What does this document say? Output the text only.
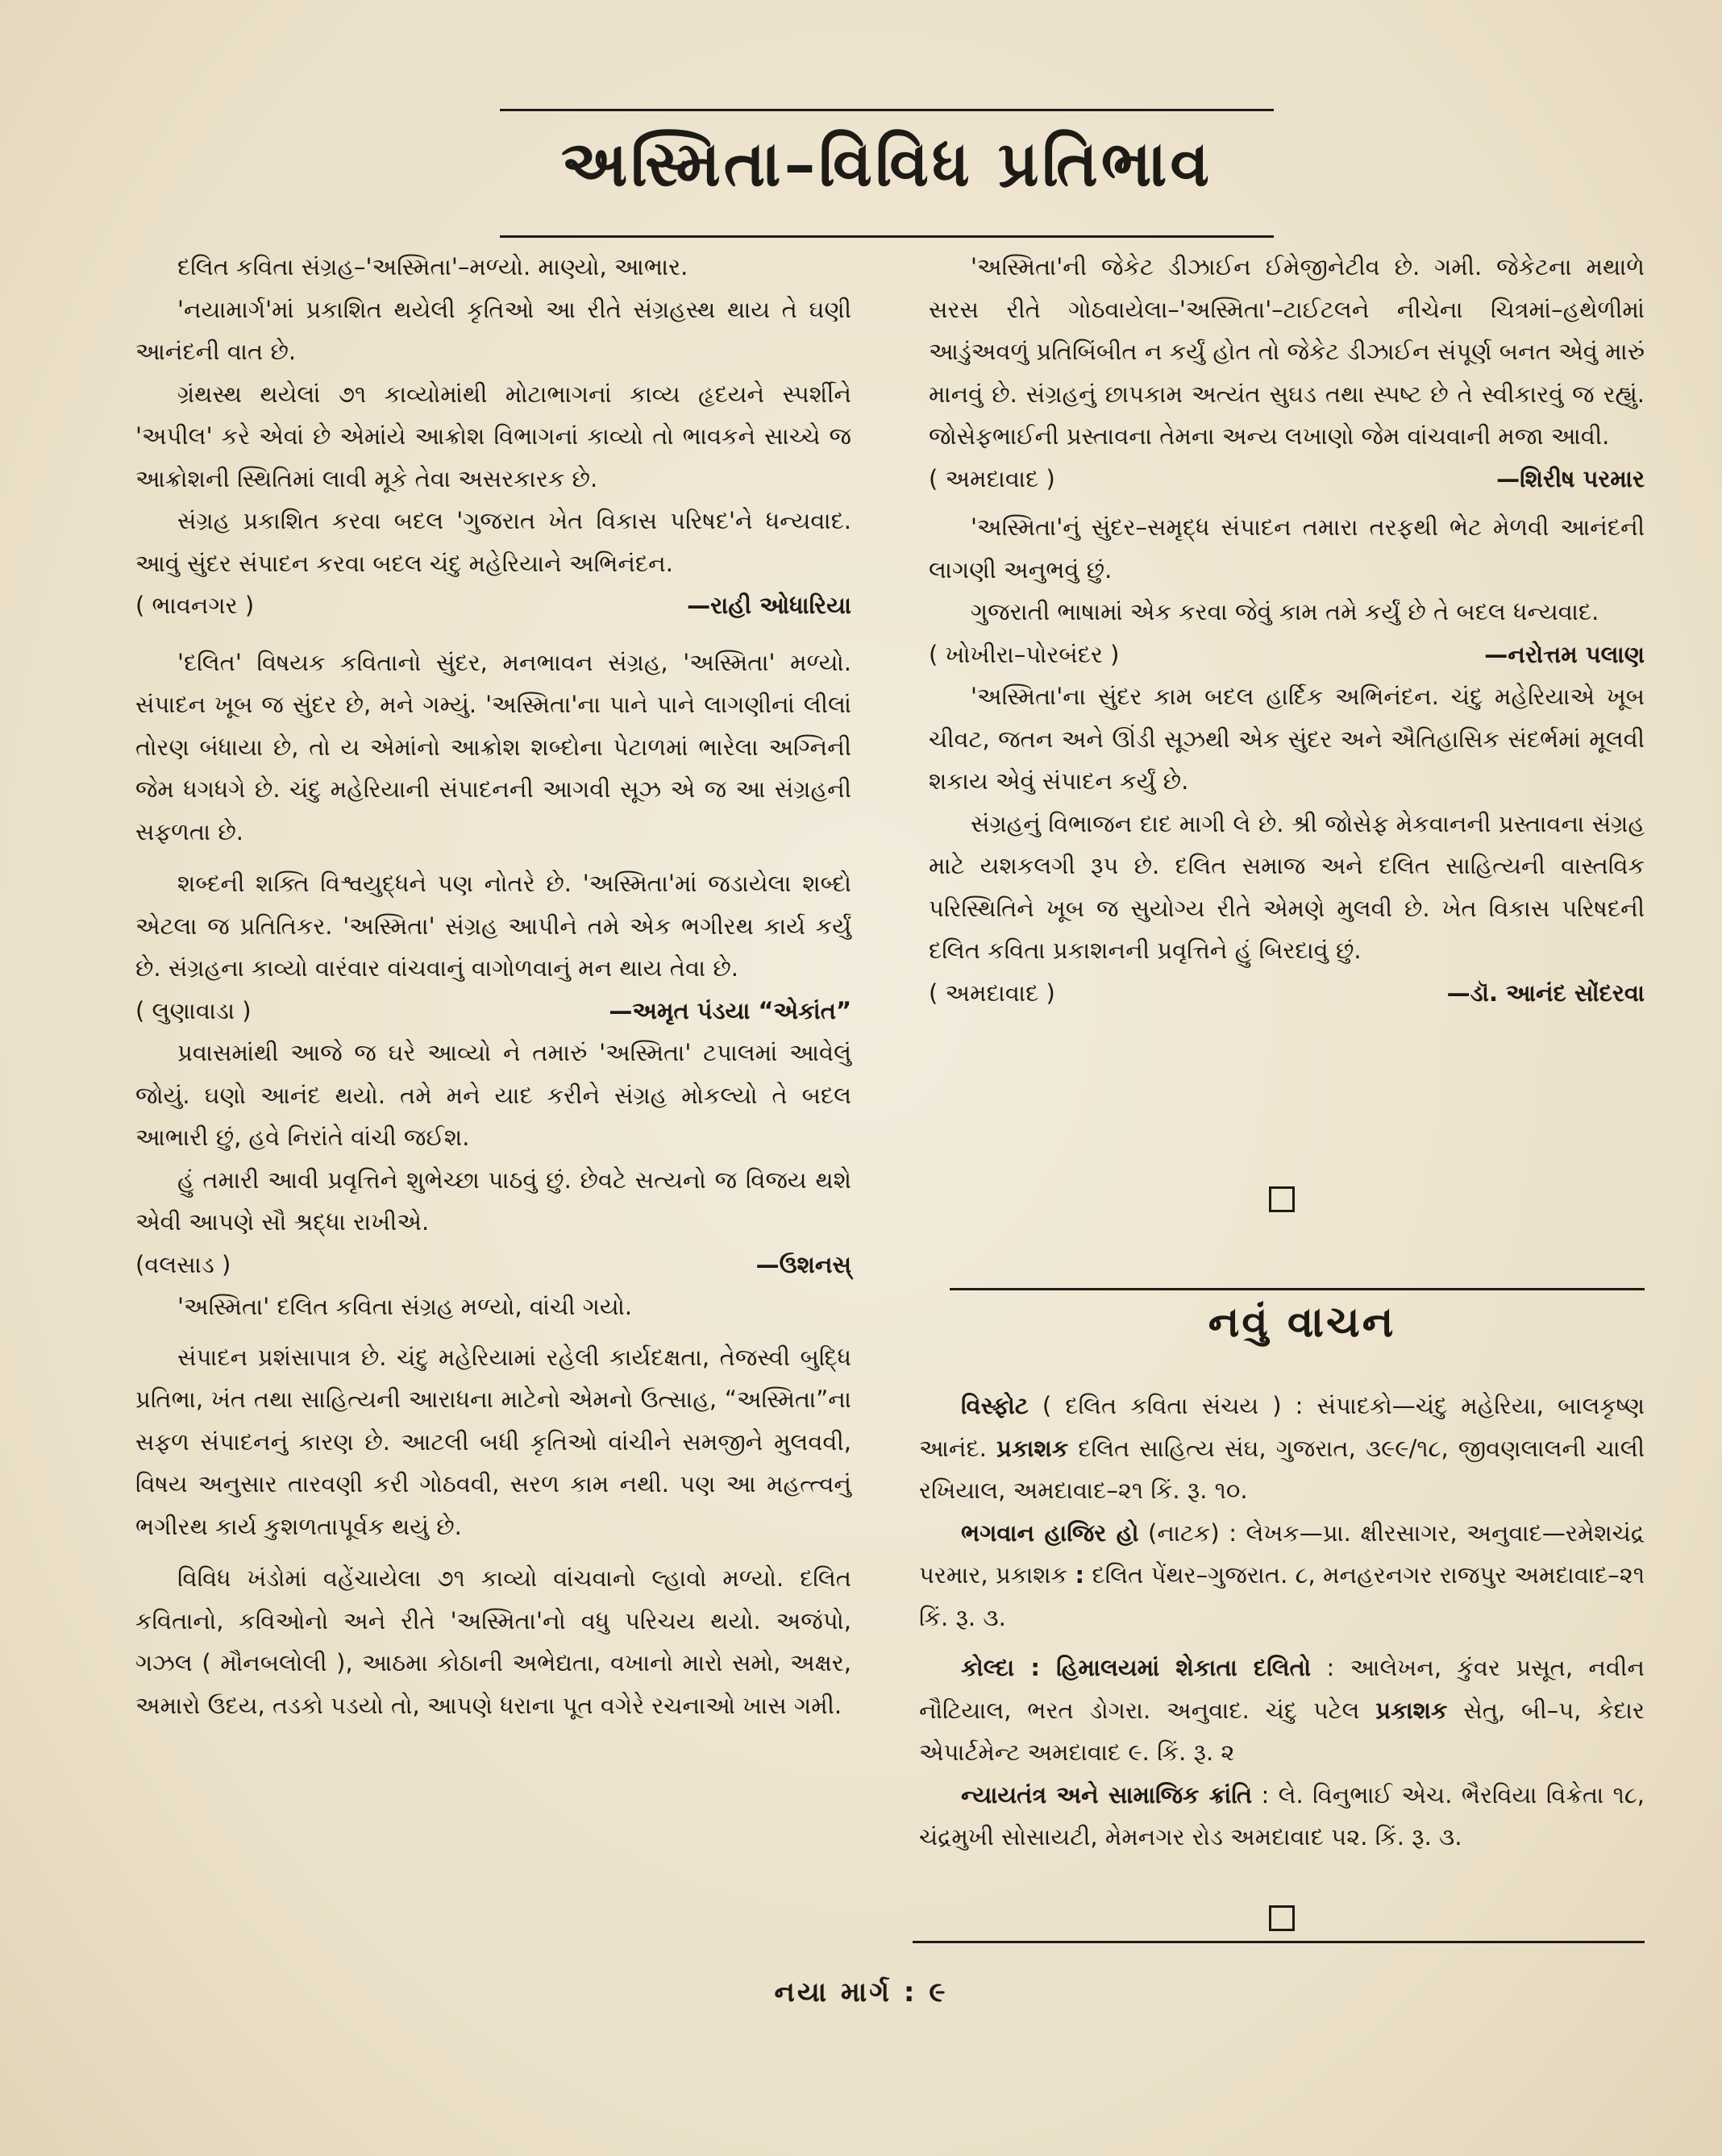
અસ્મિતા–વિવિધ પ્રતિભાવ

દલિત કવિતા સંગ્રહ–'અસ્મિતા'–મળ્યો. માણ્યો, આભાર.

'નયામાર્ગ'માં પ્રકાશિત થયેલી કૃતિઓ આ રીતે સંગ્રહસ્થ થાય તે ઘણી આનંદની વાત છે.

ગ્રંથસ્થ થયેલાં ૭૧ કાવ્યોમાંથી મોટાભાગનાં કાવ્ય હૃદયને સ્પર્શીને 'અપીલ' કરે એવાં છે એમાંયે આક્રોશ વિભાગનાં કાવ્યો તો ભાવકને સાચ્ચે જ આક્રોશની સ્થિતિમાં લાવી મૂકે તેવા અસરકારક છે.

સંગ્રહ પ્રકાશિત કરવા બદલ 'ગુજરાત ખેત વિકાસ પરિષદ'ને ધન્યવાદ. આવું સુંદર સંપાદન કરવા બદલ ચંદુ મહેરિયાને અભિનંદન.

( ભાવનગર )	—રાહી ઓધારિયા

'દલિત' વિષયક કવિતાનો સુંદર, મનભાવન સંગ્રહ, 'અસ્મિતા' મળ્યો. સંપાદન ખૂબ જ સુંદર છે, મને ગમ્યું. 'અસ્મિતા'ના પાને પાને લાગણીનાં લીલાં તોરણ બંધાયા છે, તો ય એમાંનો આક્રોશ શબ્દોના પેટાળમાં ભારેલા અગ્નિની જેમ ધગધગે છે. ચંદુ મહેરિયાની સંપાદનની આગવી સૂઝ એ જ આ સંગ્રહની સફળતા છે.

શબ્દની શક્તિ વિશ્વયુદ્ધને પણ નોતરે છે. 'અસ્મિતા'માં જડાયેલા શબ્દો એટલા જ પ્રતિતિકર. 'અસ્મિતા' સંગ્રહ આપીને તમે એક ભગીરથ કાર્ય કર્યું છે. સંગ્રહના કાવ્યો વારંવાર વાંચવાનું વાગોળવાનું મન થાય તેવા છે.

( લુણાવાડા )	—અમૃત પંડયા “એકાંત”

પ્રવાસમાંથી આજે જ ઘરે આવ્યો ને તમારું 'અસ્મિતા' ટપાલમાં આવેલું જોયું. ઘણો આનંદ થયો. તમે મને યાદ કરીને સંગ્રહ મોકલ્યો તે બદલ આભારી છું, હવે નિરાંતે વાંચી જઈશ.

હું તમારી આવી પ્રવૃત્તિને શુભેચ્છા પાઠવું છું. છેવટે સત્યનો જ વિજય થશે એવી આપણે સૌ શ્રદ્ધા રાખીએ.

(વલસાડ )	—ઉશનસ્

'અસ્મિતા' દલિત કવિતા સંગ્રહ મળ્યો, વાંચી ગયો.

સંપાદન પ્રશંસાપાત્ર છે. ચંદુ મહેરિયામાં રહેલી કાર્યદક્ષતા, તેજસ્વી બુદ્ધિ પ્રતિભા, ખંત તથા સાહિત્યની આરાધના માટેનો એમનો ઉત્સાહ, “અસ્મિતા”ના સફળ સંપાદનનું કારણ છે. આટલી બધી કૃતિઓ વાંચીને સમજીને મુલવવી, વિષય અનુસાર તારવણી કરી ગોઠવવી, સરળ કામ નથી. પણ આ મહત્ત્વનું ભગીરથ કાર્ય કુશળતાપૂર્વક થયું છે.

વિવિધ ખંડોમાં વહેંચાયેલા ૭૧ કાવ્યો વાંચવાનો લ્હાવો મળ્યો. દલિત કવિતાનો, કવિઓનો અને રીતે 'અસ્મિતા'નો વધુ પરિચય થયો. અજંપો, ગઝલ ( મૌનબલોલી ), આઠમા કોઠાની અભેદ્યતા, વખાનો મારો સમો, અક્ષર, અમારો ઉદય, તડકો પડયો તો, આપણે ધરાના પૂત વગેરે રચનાઓ ખાસ ગમી.

'અસ્મિતા'ની જેકેટ ડીઝાઈન ઈમેજીનેટીવ છે. ગમી. જેકેટના મથાળે સરસ રીતે ગોઠવાયેલા–'અસ્મિતા'–ટાઈટલને નીચેના ચિત્રમાં–હથેળીમાં આડુંઅવળું પ્રતિબિંબીત ન કર્યું હોત તો જેકેટ ડીઝાઈન સંપૂર્ણ બનત એવું મારું માનવું છે. સંગ્રહનું છાપકામ અત્યંત સુઘડ તથા સ્પષ્ટ છે તે સ્વીકારવું જ રહ્યું. જોસેફભાઈની પ્રસ્તાવના તેમના અન્ય લખાણો જેમ વાંચવાની મજા આવી.

( અમદાવાદ )	—શિરીષ પરમાર

'અસ્મિતા'નું સુંદર–સમૃદ્ધ સંપાદન તમારા તરફથી ભેટ મેળવી આનંદની લાગણી અનુભવું છું.

ગુજરાતી ભાષામાં એક કરવા જેવું કામ તમે કર્યું છે તે બદલ ધન્યવાદ.

( ખોખીરા–પોરબંદર )	—નરોત્તમ પલાણ

'અસ્મિતા'ના સુંદર કામ બદલ હાર્દિક અભિનંદન. ચંદુ મહેરિયાએ ખૂબ ચીવટ, જતન અને ઊંડી સૂઝથી એક સુંદર અને ઐતિહાસિક સંદર્ભમાં મૂલવી શકાય એવું સંપાદન કર્યું છે.

સંગ્રહનું વિભાજન દાદ માગી લે છે. શ્રી જોસેફ મેકવાનની પ્રસ્તાવના સંગ્રહ માટે યશકલગી રૂપ છે. દલિત સમાજ અને દલિત સાહિત્યની વાસ્તવિક પરિસ્થિતિને ખૂબ જ સુયોગ્ય રીતે એમણે મુલવી છે. ખેત વિકાસ પરિષદની દલિત કવિતા પ્રકાશનની પ્રવૃત્તિને હું બિરદાવું છું.

( અમદાવાદ )	—ડૉ. આનંદ સોંદરવા
નવું વાચન

વિસ્ફોટ ( દલિત કવિતા સંચય ) : સંપાદકો—ચંદુ મહેરિયા, બાલકૃષ્ણ આનંદ. પ્રકાશક દલિત સાહિત્ય સંઘ, ગુજરાત, ૩૯૯/૧૮, જીવણલાલની ચાલી રખિયાલ, અમદાવાદ–૨૧ કિં. રૂ. ૧૦.

ભગવાન હાજિર હો (નાટક) : લેખક—પ્રા. ક્ષીરસાગર, અનુવાદ—રમેશચંદ્ર પરમાર, પ્રકાશક : દલિત પેંથર–ગુજરાત. ૮, મનહરનગર રાજપુર અમદાવાદ–૨૧ કિં. રૂ. ૩.

કોલ્દા : હિમાલયમાં શેકાતા દલિતો : આલેખન, કુંવર પ્રસૂત, નવીન નૌટિયાલ, ભરત ડોગરા. અનુવાદ. ચંદુ પટેલ પ્રકાશક સેતુ, બી–૫, કેદાર એપાર્ટમેન્ટ અમદાવાદ ૯. કિં. રૂ. ૨

ન્યાયતંત્ર અને સામાજિક ક્રાંતિ : લે. વિનુભાઈ એચ. ભૈરવિયા વિક્રેતા ૧૮, ચંદ્રમુખી સોસાયટી, મેમનગર રોડ અમદાવાદ ૫૨. કિં. રૂ. ૩.

નયા માર્ગ : ૯
